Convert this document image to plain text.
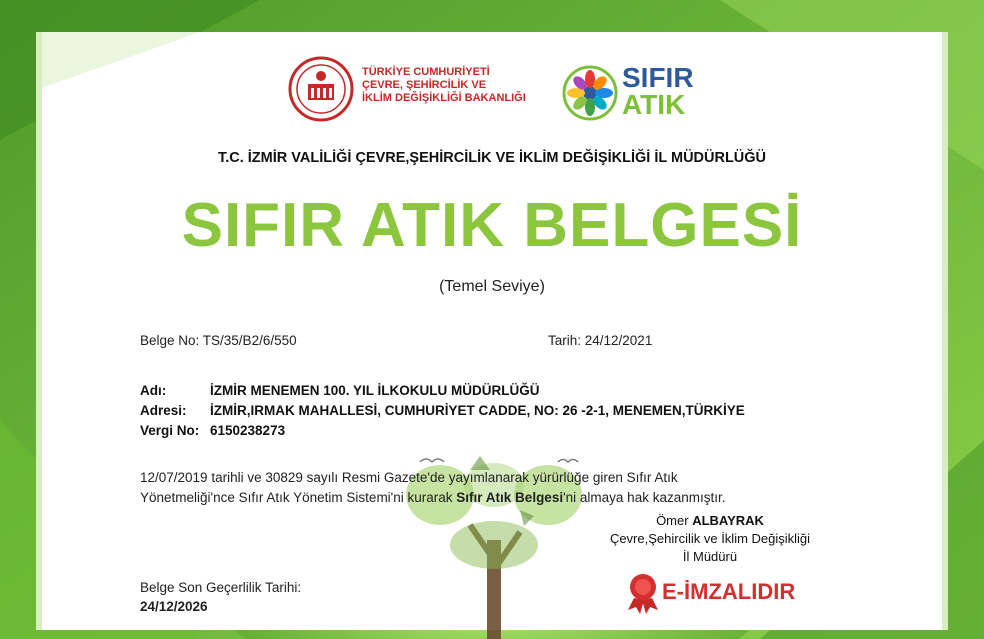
TÜRKİYE CUMHURİYETİ
ÇEVRE, ŞEHİRCİLİK VE
İKLİM DEĞİŞİKLİĞİ BAKANLIĞI
SIFIR
ATIK
T.C. İZMİR VALİLİĞİ ÇEVRE,ŞEHİRCİLİK VE İKLİM DEĞİŞİKLİĞİ İL MÜDÜRLÜĞÜ
SIFIR ATIK BELGESİ
(Temel Seviye)
Belge No: TS/35/B2/6/550	Tarih: 24/12/2021
Adı:	İZMİR MENEMEN 100. YIL İLKOKULU MÜDÜRLÜĞÜ
Adresi: İZMİR,IRMAK MAHALLESİ, CUMHURİYET CADDE, NO: 26 -2-1, MENEMEN,TÜRKİYE
Vergi No: 6150238273
12/07/2019 tarihli ve 30829 sayılı Resmi Gazete'de yayımlanarak yürürlüğe giren Sıfır Atık
Yönetmeliği'nce Sıfır Atık Yönetim Sistemi'ni kurarak Sıfır Atık Belgesi'ni almaya hak kazanmıştır.
Ömer ALBAYRAK
Çevre,Şehircilik ve İklim Değişikliği
İl Müdürü
Belge Son Geçerlilik Tarihi:
24/12/2026
E-İMZALIDIR
